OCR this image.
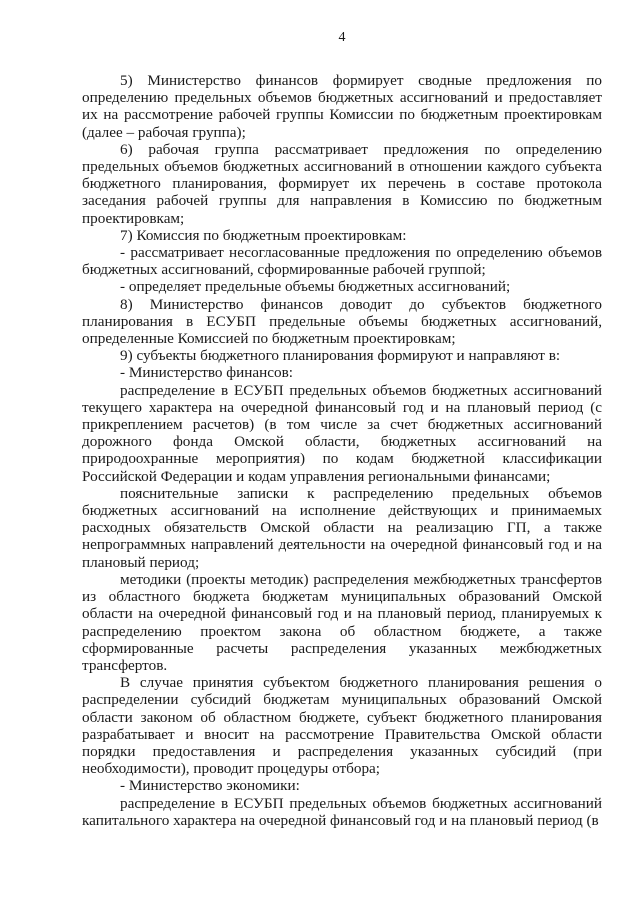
4

5) Министерство финансов формирует сводные предложения по определению предельных объемов бюджетных ассигнований и предоставляет их на рассмотрение рабочей группы Комиссии по бюджетным проектировкам (далее – рабочая группа);

6) рабочая группа рассматривает предложения по определению предельных объемов бюджетных ассигнований в отношении каждого субъекта бюджетного планирования, формирует их перечень в составе протокола заседания рабочей группы для направления в Комиссию по бюджетным проектировкам;

7) Комиссия по бюджетным проектировкам:

- рассматривает несогласованные предложения по определению объемов бюджетных ассигнований, сформированные рабочей группой;

- определяет предельные объемы бюджетных ассигнований;

8) Министерство финансов доводит до субъектов бюджетного планирования в ЕСУБП предельные объемы бюджетных ассигнований, определенные Комиссией по бюджетным проектировкам;

9) субъекты бюджетного планирования формируют и направляют в:

- Министерство финансов:

распределение в ЕСУБП предельных объемов бюджетных ассигнований текущего характера на очередной финансовый год и на плановый период (с прикреплением расчетов) (в том числе за счет бюджетных ассигнований дорожного фонда Омской области, бюджетных ассигнований на природоохранные мероприятия) по кодам бюджетной классификации Российской Федерации и кодам управления региональными финансами;

пояснительные записки к распределению предельных объемов бюджетных ассигнований на исполнение действующих и принимаемых расходных обязательств Омской области на реализацию ГП, а также непрограммных направлений деятельности на очередной финансовый год и на плановый период;

методики (проекты методик) распределения межбюджетных трансфертов из областного бюджета бюджетам муниципальных образований Омской области на очередной финансовый год и на плановый период, планируемых к распределению проектом закона об областном бюджете, а также сформированные расчеты распределения указанных межбюджетных трансфертов.

В случае принятия субъектом бюджетного планирования решения о распределении субсидий бюджетам муниципальных образований Омской области законом об областном бюджете, субъект бюджетного планирования разрабатывает и вносит на рассмотрение Правительства Омской области порядки предоставления и распределения указанных субсидий (при необходимости), проводит процедуры отбора;

- Министерство экономики:

распределение в ЕСУБП предельных объемов бюджетных ассигнований капитального характера на очередной финансовый год и на плановый период (в
